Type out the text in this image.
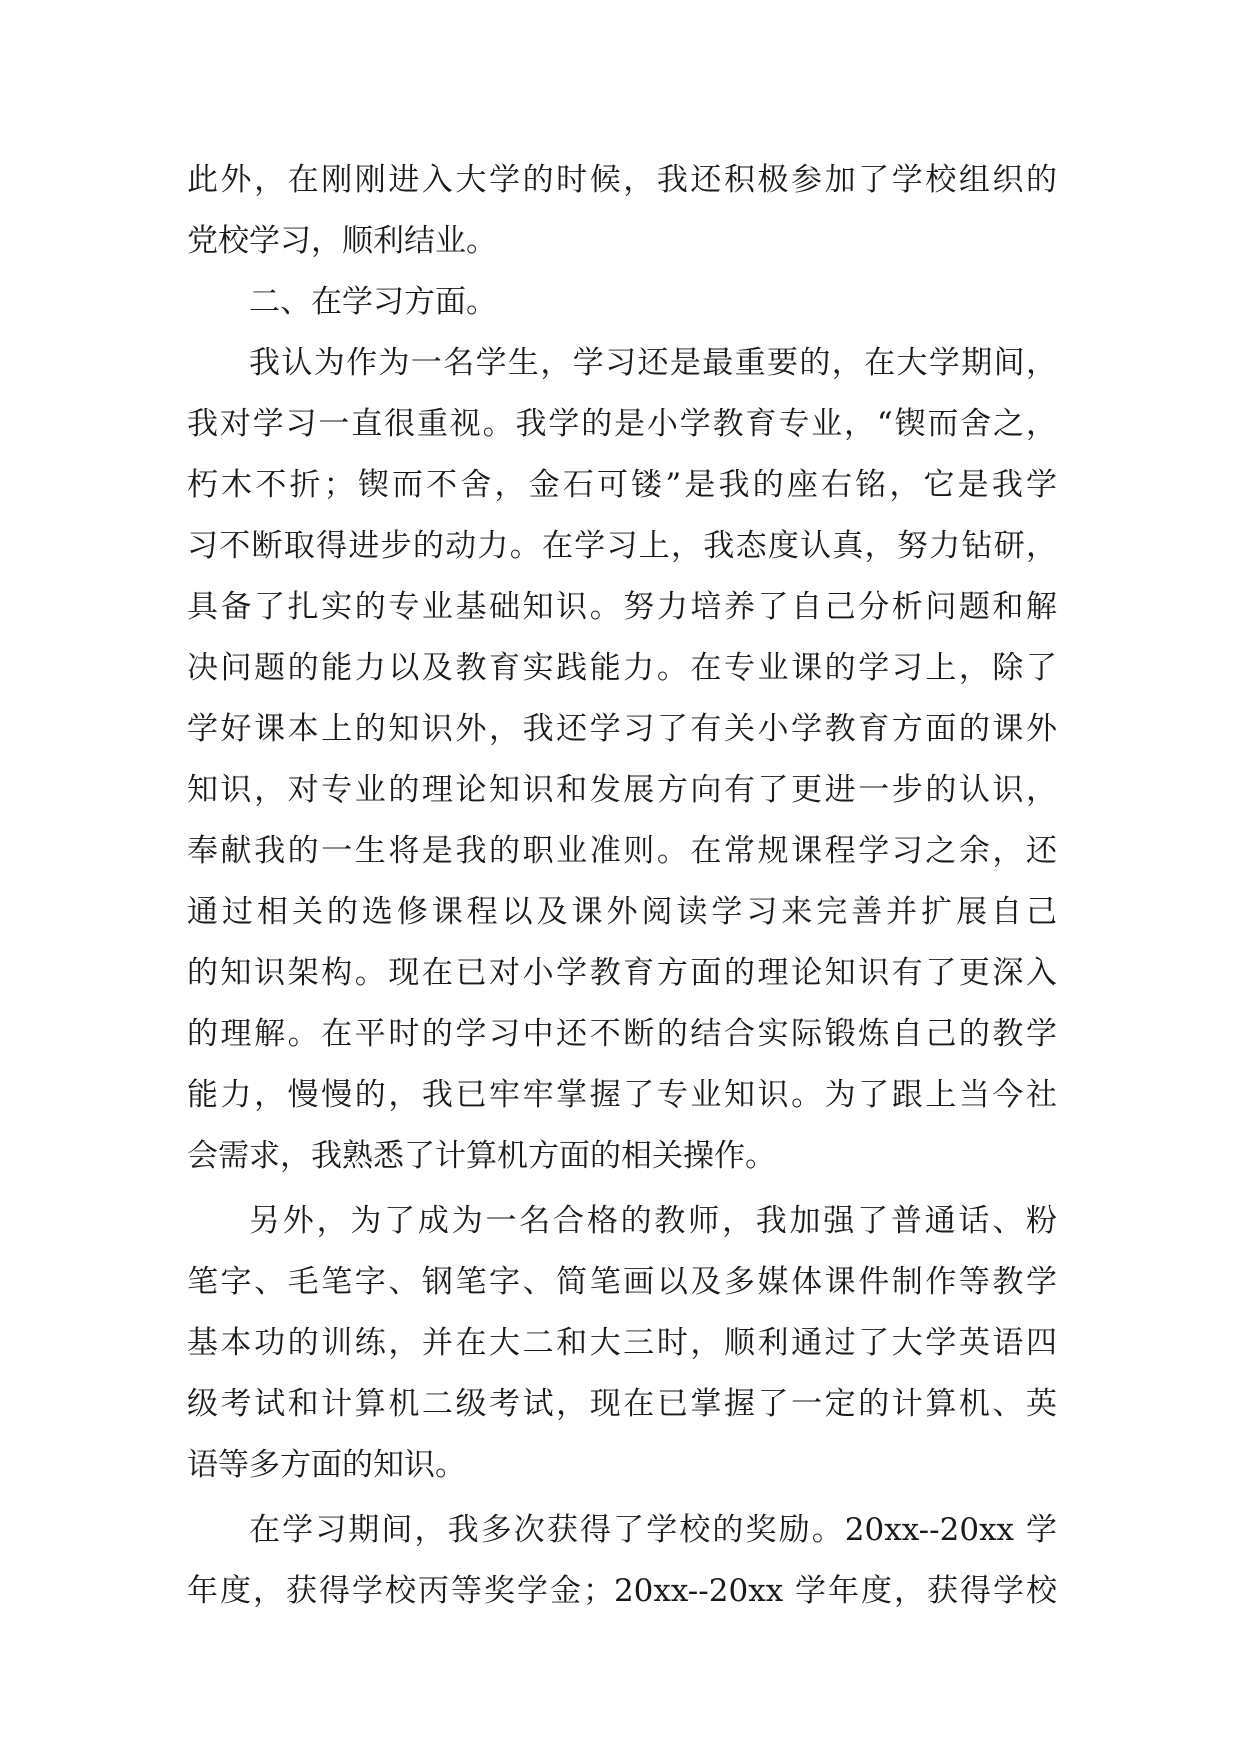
此外，在刚刚进入大学的时候，我还积极参加了学校组织的
党校学习，顺利结业。
二、在学习方面。
我认为作为一名学生，学习还是最重要的，在大学期间，
我对学习一直很重视。我学的是小学教育专业，“锲而舍之，
朽木不折；锲而不舍，金石可镂”是我的座右铭，它是我学
习不断取得进步的动力。在学习上，我态度认真，努力钻研，
具备了扎实的专业基础知识。努力培养了自己分析问题和解
决问题的能力以及教育实践能力。在专业课的学习上，除了
学好课本上的知识外，我还学习了有关小学教育方面的课外
知识，对专业的理论知识和发展方向有了更进一步的认识，
奉献我的一生将是我的职业准则。在常规课程学习之余，还
通过相关的选修课程以及课外阅读学习来完善并扩展自己
的知识架构。现在已对小学教育方面的理论知识有了更深入
的理解。在平时的学习中还不断的结合实际锻炼自己的教学
能力，慢慢的，我已牢牢掌握了专业知识。为了跟上当今社
会需求，我熟悉了计算机方面的相关操作。
另外，为了成为一名合格的教师，我加强了普通话、粉
笔字、毛笔字、钢笔字、简笔画以及多媒体课件制作等教学
基本功的训练，并在大二和大三时，顺利通过了大学英语四
级考试和计算机二级考试，现在已掌握了一定的计算机、英
语等多方面的知识。
在学习期间，我多次获得了学校的奖励。20xx--20xx 学
年度，获得学校丙等奖学金；20xx--20xx 学年度，获得学校
